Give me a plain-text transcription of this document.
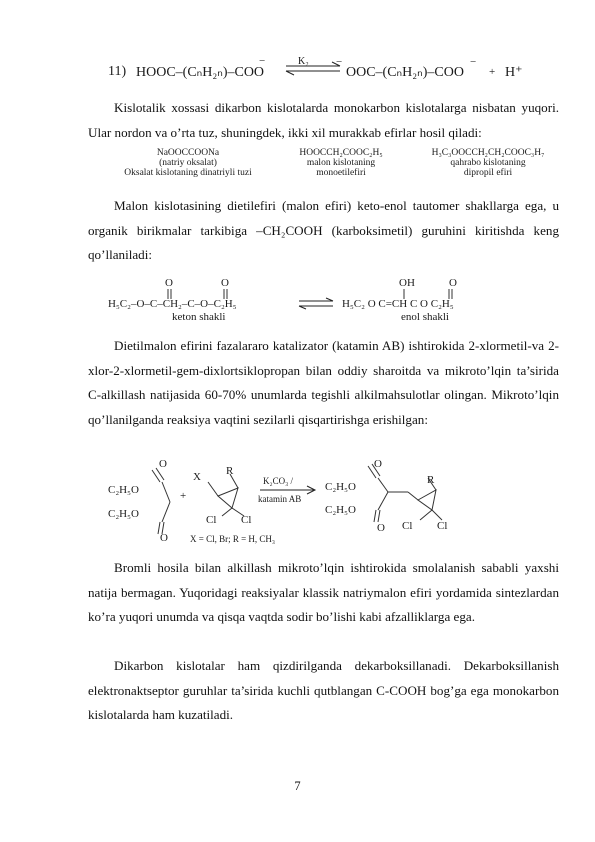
11) HOOC–(CₙH₂ₙ)–COO
− ⇌
K₂ −
OOC–(CₙH₂ₙ)–COO
−
+ H⁺

Kislotalik xossasi dikarbon kislotalarda monokarbon kislotalarga nisbatan yuqori. Ular nordon va o’rta tuz, shuningdek, ikki xil murakkab efirlar hosil qiladi:

NaOOCCOONa
(natriy oksalat)
Oksalat kislotaning dinatriyli tuzi
HOOCCH₂COOC₂H₅
malon kislotaning
monoetilefiri
H₃C₃OOCCH₂CH₂COOC₃H₇
qahrabo kislotaning
dipropil efiri

Malon kislotasining dietilefiri (malon efiri) keto-enol tautomer shakllarga ega, u organik birikmalar tarkibiga –CH₂COOH (karboksimetil) guruhini kiritishda keng qo’llaniladi:

O	O
H₅C₂–O–C–CH₂–C–O–C₂H₅
keton shakli
OH	O
H₅C₂ O C=CH C O C₂H₅
enol shakli

Dietilmalon efirini fazalararo katalizator (katamin AB) ishtirokida 2-xlormetil-va 2-xlor-2-xlormetil-gem-dixlortsiklopropan bilan oddiy sharoitda va mikroto’lqin ta’sirida C-alkillash natijasida 60-70% unumlarda tegishli alkilmahsulotlar olingan. Mikroto’lqin qo’llanilganda reaksiya vaqtini sezilarli qisqartirishga erishilgan:

O
C₂H₅O
C₂H₅O
O
+
X R
Cl Cl
X = Cl, Br; R = H, CH₃
K₂CO₃ /
katamin AB
O
C₂H₅O
C₂H₅O
O
R
Cl Cl

Bromli hosila bilan alkillash mikroto’lqin ishtirokida smolalanish sababli yaxshi natija bermagan. Yuqoridagi reaksiyalar klassik natriymalon efiri yordamida sintezlardan ko’ra yuqori unumda va qisqa vaqtda sodir bo’lishi kabi afzalliklarga ega.

Dikarbon kislotalar ham qizdirilganda dekarboksillanadi. Dekarboksillanish elektronaktseptor guruhlar ta’sirida kuchli qutblangan C-COOH bog’ga ega monokarbon kislotalarda ham kuzatiladi.

7
